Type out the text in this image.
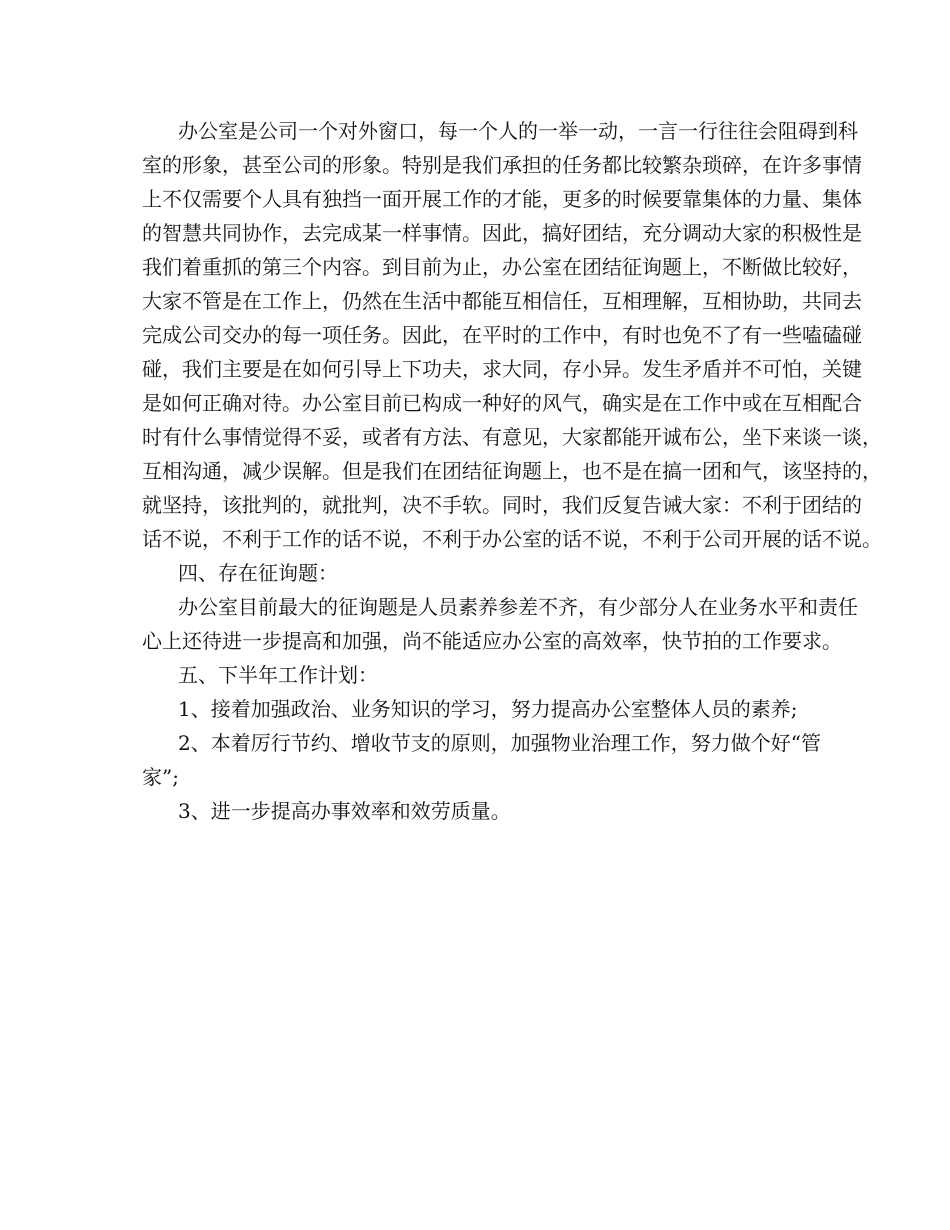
办公室是公司一个对外窗口，每一个人的一举一动，一言一行往往会阻碍到科
室的形象，甚至公司的形象。特别是我们承担的任务都比较繁杂琐碎，在许多事情
上不仅需要个人具有独挡一面开展工作的才能，更多的时候要靠集体的力量、集体
的智慧共同协作，去完成某一样事情。因此，搞好团结，充分调动大家的积极性是
我们着重抓的第三个内容。到目前为止，办公室在团结征询题上，不断做比较好，
大家不管是在工作上，仍然在生活中都能互相信任，互相理解，互相协助，共同去
完成公司交办的每一项任务。因此，在平时的工作中，有时也免不了有一些嗑磕碰
碰，我们主要是在如何引导上下功夫，求大同，存小异。发生矛盾并不可怕，关键
是如何正确对待。办公室目前已构成一种好的风气，确实是在工作中或在互相配合
时有什么事情觉得不妥，或者有方法、有意见，大家都能开诚布公，坐下来谈一谈，
互相沟通，减少误解。但是我们在团结征询题上，也不是在搞一团和气，该坚持的，
就坚持，该批判的，就批判，决不手软。同时，我们反复告诫大家：不利于团结的
话不说，不利于工作的话不说，不利于办公室的话不说，不利于公司开展的话不说。
四、存在征询题：
办公室目前最大的征询题是人员素养参差不齐，有少部分人在业务水平和责任
心上还待进一步提高和加强，尚不能适应办公室的高效率，快节拍的工作要求。
五、下半年工作计划：
1、接着加强政治、业务知识的学习，努力提高办公室整体人员的素养;
2、本着厉行节约、增收节支的原则，加强物业治理工作，努力做个好“管
家”;
3、进一步提高办事效率和效劳质量。
